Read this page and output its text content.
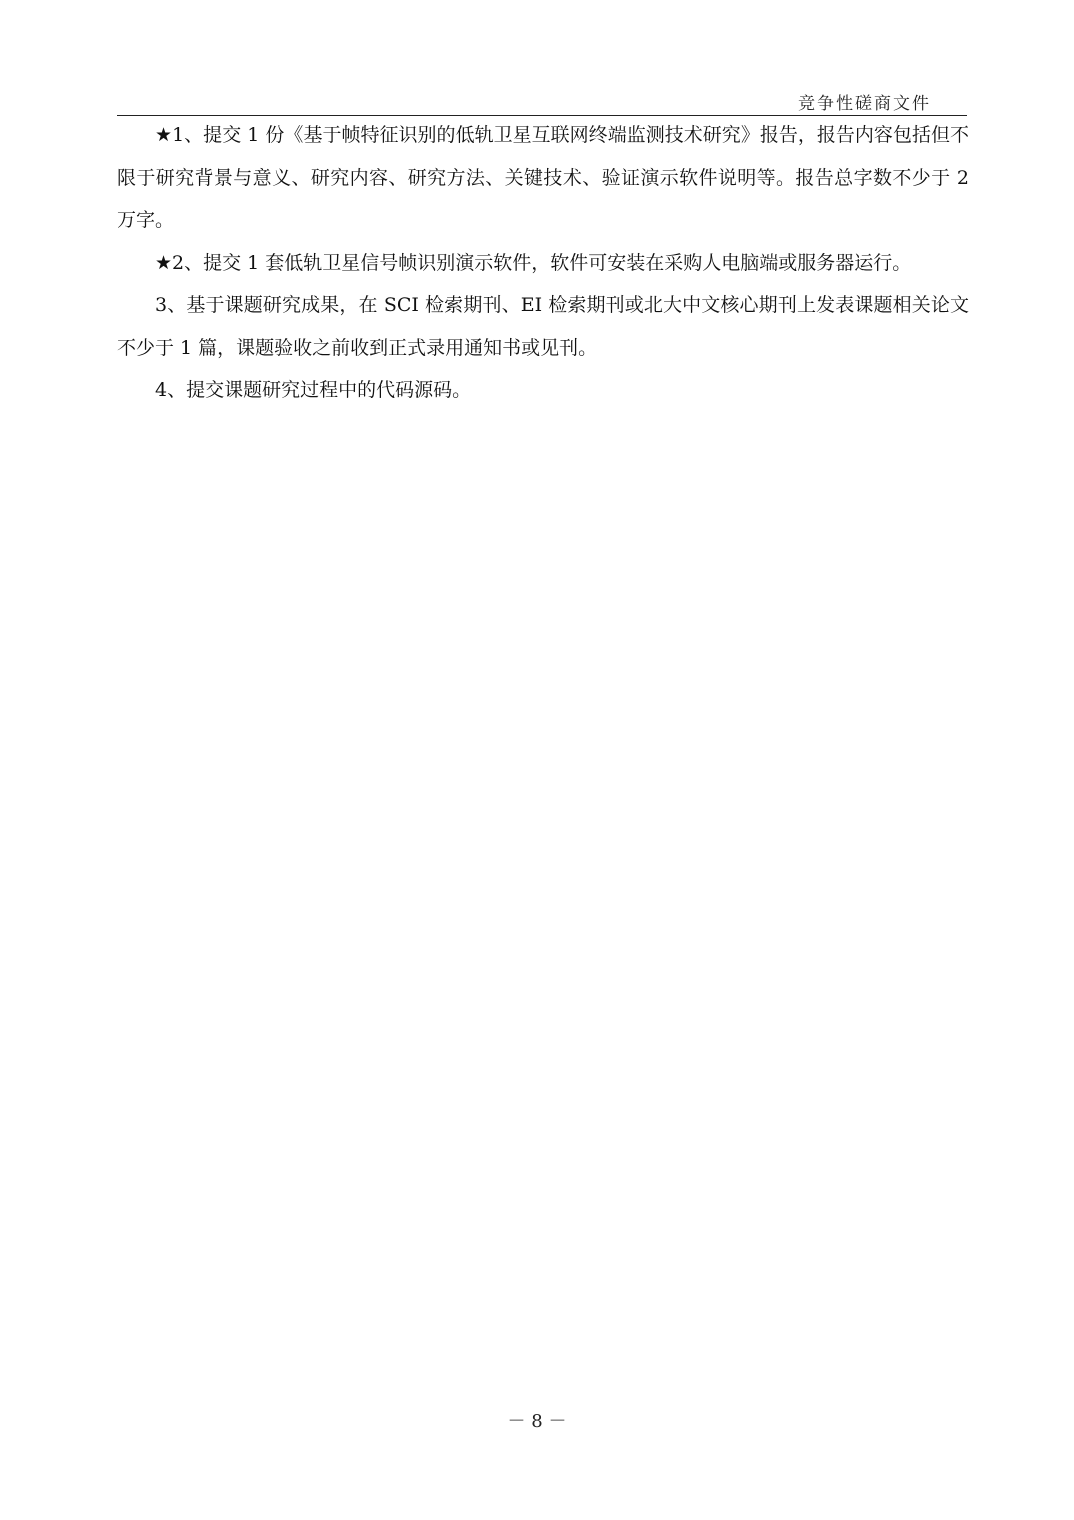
竞争性磋商文件

★1、提交 1 份《基于帧特征识别的低轨卫星互联网终端监测技术研究》报告，报告内容包括但不限于研究背景与意义、研究内容、研究方法、关键技术、验证演示软件说明等。报告总字数不少于 2 万字。

★2、提交 1 套低轨卫星信号帧识别演示软件，软件可安装在采购人电脑端或服务器运行。

3、基于课题研究成果，在 SCI 检索期刊、EI 检索期刊或北大中文核心期刊上发表课题相关论文不少于 1 篇，课题验收之前收到正式录用通知书或见刊。

4、提交课题研究过程中的代码源码。

－ 8 －
